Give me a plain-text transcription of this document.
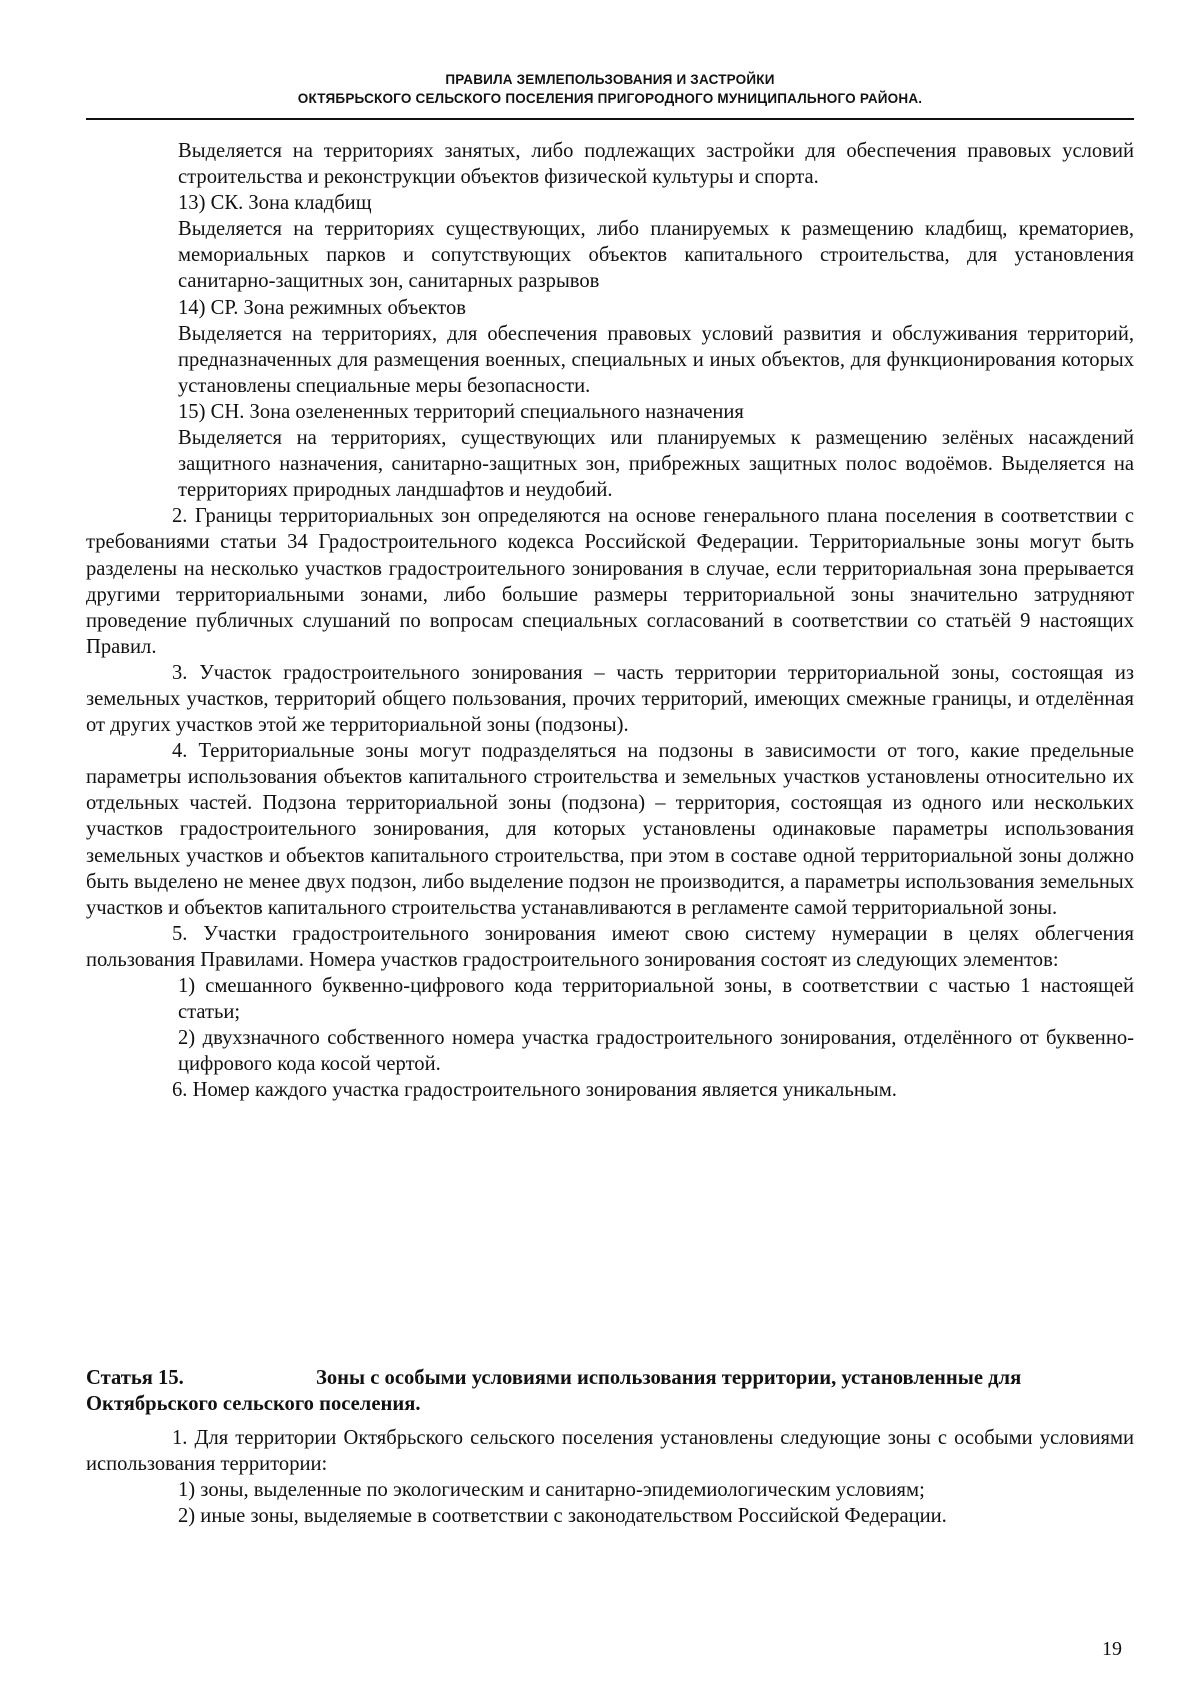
ПРАВИЛА ЗЕМЛЕПОЛЬЗОВАНИЯ И ЗАСТРОЙКИ
ОКТЯБРЬСКОГО СЕЛЬСКОГО ПОСЕЛЕНИЯ ПРИГОРОДНОГО МУНИЦИПАЛЬНОГО РАЙОНА.

Выделяется на территориях занятых, либо подлежащих застройки для обеспечения правовых условий строительства и реконструкции объектов физической культуры и спорта.

13) СК. Зона кладбищ

Выделяется на территориях существующих, либо планируемых к размещению кладбищ, крематориев, мемориальных парков и сопутствующих объектов капитального строительства, для установления санитарно-защитных зон, санитарных разрывов

14) СР. Зона режимных объектов

Выделяется на территориях, для обеспечения правовых условий развития и обслуживания территорий, предназначенных для размещения военных, специальных и иных объектов, для функционирования которых установлены специальные меры безопасности.

15) СН. Зона озелененных территорий специального назначения

Выделяется на территориях, существующих или планируемых к размещению зелёных насаждений защитного назначения, санитарно-защитных зон, прибрежных защитных полос водоёмов. Выделяется на территориях природных ландшафтов и неудобий.

2. Границы территориальных зон определяются на основе генерального плана поселения в соответствии с требованиями статьи 34 Градостроительного кодекса Российской Федерации. Территориальные зоны могут быть разделены на несколько участков градостроительного зонирования в случае, если территориальная зона прерывается другими территориальными зонами, либо большие размеры территориальной зоны значительно затрудняют проведение публичных слушаний по вопросам специальных согласований в соответствии со статьёй 9 настоящих Правил.

3. Участок градостроительного зонирования – часть территории территориальной зоны, состоящая из земельных участков, территорий общего пользования, прочих территорий, имеющих смежные границы, и отделённая от других участков этой же территориальной зоны (подзоны).

4. Территориальные зоны могут подразделяться на подзоны в зависимости от того, какие предельные параметры использования объектов капитального строительства и земельных участков установлены относительно их отдельных частей. Подзона территориальной зоны (подзона) – территория, состоящая из одного или нескольких участков градостроительного зонирования, для которых установлены одинаковые параметры использования земельных участков и объектов капитального строительства, при этом в составе одной территориальной зоны должно быть выделено не менее двух подзон, либо выделение подзон не производится, а параметры использования земельных участков и объектов капитального строительства устанавливаются в регламенте самой территориальной зоны.

5. Участки градостроительного зонирования имеют свою систему нумерации в целях облегчения пользования Правилами. Номера участков градостроительного зонирования состоят из следующих элементов:

1) смешанного буквенно-цифрового кода территориальной зоны, в соответствии с частью 1 настоящей статьи;

2) двухзначного собственного номера участка градостроительного зонирования, отделённого от буквенно-цифрового кода косой чертой.

6. Номер каждого участка градостроительного зонирования является уникальным.

Статья 15.	Зоны с особыми условиями использования территории, установленные для Октябрьского сельского поселения.

1. Для территории Октябрьского сельского поселения установлены следующие зоны с особыми условиями использования территории:

1) зоны, выделенные по экологическим и санитарно-эпидемиологическим условиям;

2) иные зоны, выделяемые в соответствии с законодательством Российской Федерации.

19
